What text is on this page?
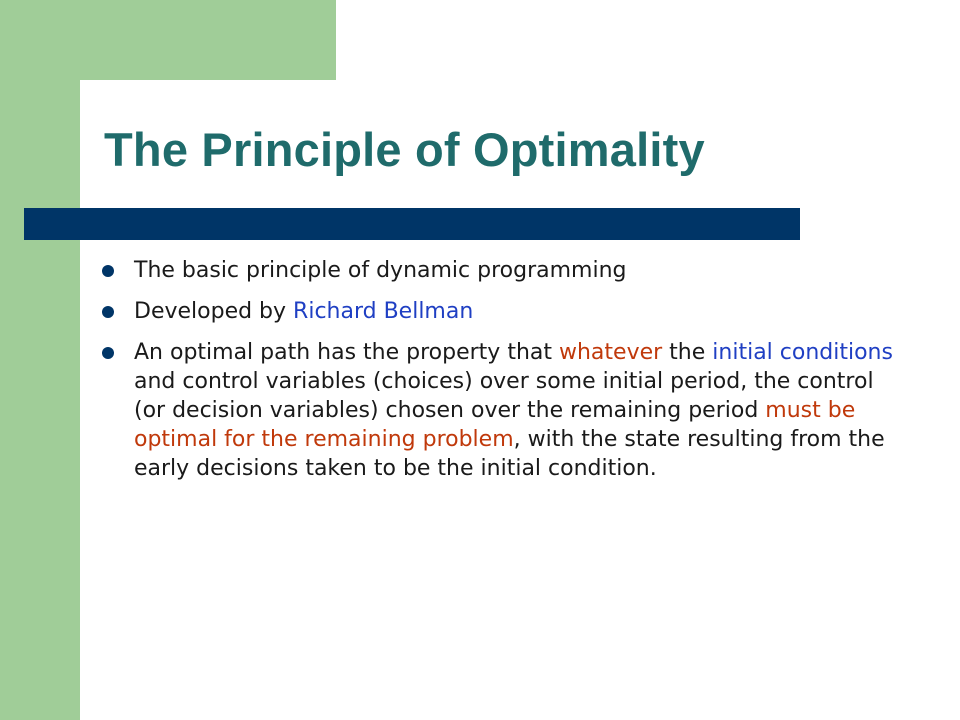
The Principle of Optimality
The basic principle of dynamic programming
Developed by Richard Bellman
An optimal path has the property that whatever the initial conditions and control variables (choices) over some initial period, the control (or decision variables) chosen over the remaining period must be optimal for the remaining problem, with the state resulting from the early decisions taken to be the initial condition.
